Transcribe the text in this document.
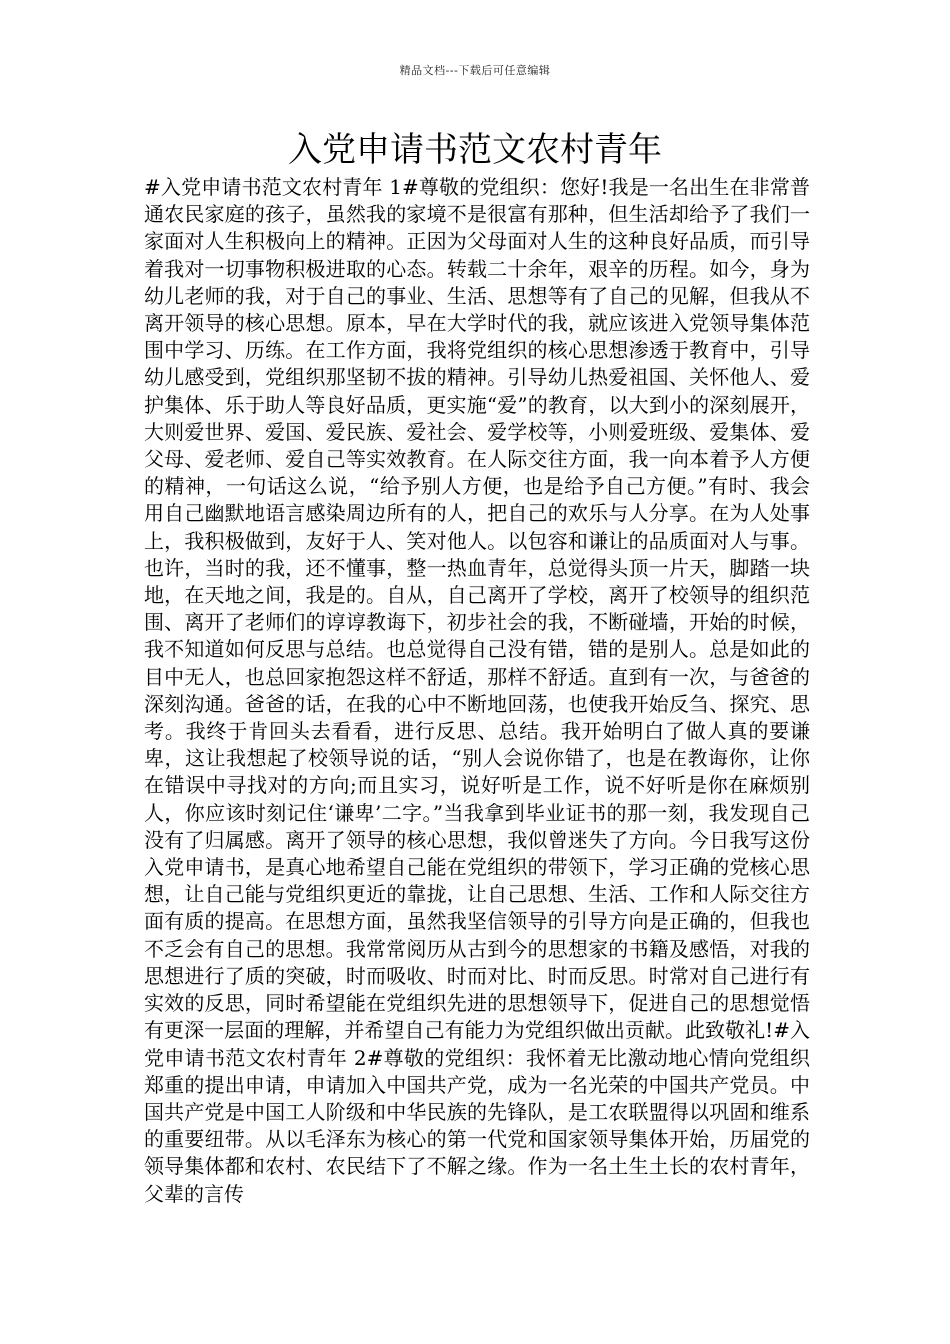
精品文档---下载后可任意编辑
入党申请书范文农村青年

#入党申请书范文农村青年 1#尊敬的党组织：您好!我是一名出生在非常普通农民家庭的孩子，虽然我的家境不是很富有那种，但生活却给予了我们一家面对人生积极向上的精神。正因为父母面对人生的这种良好品质，而引导着我对一切事物积极进取的心态。转载二十余年，艰辛的历程。如今，身为幼儿老师的我，对于自己的事业、生活、思想等有了自己的见解，但我从不离开领导的核心思想。原本，早在大学时代的我，就应该进入党领导集体范围中学习、历练。在工作方面，我将党组织的核心思想渗透于教育中，引导幼儿感受到，党组织那坚韧不拔的精神。引导幼儿热爱祖国、关怀他人、爱护集体、乐于助人等良好品质，更实施“爱”的教育，以大到小的深刻展开，大则爱世界、爱国、爱民族、爱社会、爱学校等，小则爱班级、爱集体、爱父母、爱老师、爱自己等实效教育。在人际交往方面，我一向本着予人方便的精神，一句话这么说，“给予别人方便，也是给予自己方便。”有时、我会用自己幽默地语言感染周边所有的人，把自己的欢乐与人分享。在为人处事上，我积极做到，友好于人、笑对他人。以包容和谦让的品质面对人与事。也许，当时的我，还不懂事，整一热血青年，总觉得头顶一片天，脚踏一块地，在天地之间，我是的。自从，自己离开了学校，离开了校领导的组织范围、离开了老师们的谆谆教诲下，初步社会的我，不断碰墙，开始的时候，我不知道如何反思与总结。也总觉得自己没有错，错的是别人。总是如此的目中无人，也总回家抱怨这样不舒适，那样不舒适。直到有一次，与爸爸的深刻沟通。爸爸的话，在我的心中不断地回荡，也使我开始反刍、探究、思考。我终于肯回头去看看，进行反思、总结。我开始明白了做人真的要谦卑，这让我想起了校领导说的话，“别人会说你错了，也是在教诲你，让你在错误中寻找对的方向;而且实习，说好听是工作，说不好听是你在麻烦别人，你应该时刻记住‘谦卑’二字。”当我拿到毕业证书的那一刻，我发现自己没有了归属感。离开了领导的核心思想，我似曾迷失了方向。今日我写这份入党申请书，是真心地希望自己能在党组织的带领下，学习正确的党核心思想，让自己能与党组织更近的靠拢，让自己思想、生活、工作和人际交往方面有质的提高。在思想方面，虽然我坚信领导的引导方向是正确的，但我也不乏会有自己的思想。我常常阅历从古到今的思想家的书籍及感悟，对我的思想进行了质的突破，时而吸收、时而对比、时而反思。时常对自己进行有实效的反思，同时希望能在党组织先进的思想领导下，促进自己的思想觉悟有更深一层面的理解，并希望自己有能力为党组织做出贡献。此致敬礼!#入党申请书范文农村青年 2#尊敬的党组织：我怀着无比激动地心情向党组织郑重的提出申请，申请加入中国共产党，成为一名光荣的中国共产党员。中国共产党是中国工人阶级和中华民族的先锋队，是工农联盟得以巩固和维系的重要纽带。从以毛泽东为核心的第一代党和国家领导集体开始，历届党的领导集体都和农村、农民结下了不解之缘。作为一名土生土长的农村青年，父辈的言传
